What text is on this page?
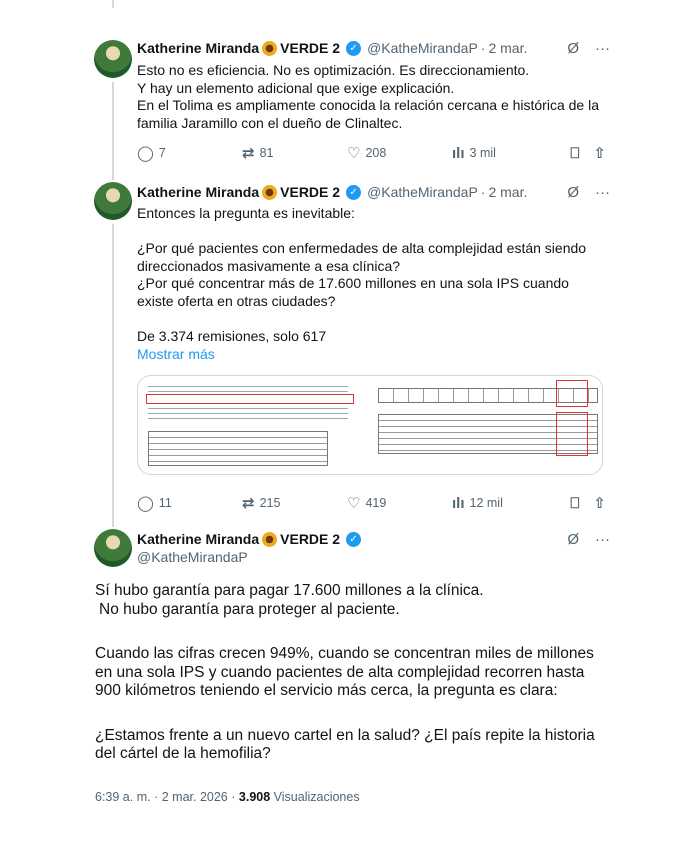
Katherine Miranda VERDE 2 ✓ @KatheMirandaP · 2 mar.	Ø ···
Esto no es eficiencia. No es optimización. Es direccionamiento.
Y hay un elemento adicional que exige explicación.
En el Tolima es ampliamente conocida la relación cercana e histórica de la familia Jaramillo con el dueño de Clinaltec.
◯ 7	⇄ 81	♡ 208	ılı 3 mil	⎕ ⇧
Katherine Miranda VERDE 2 ✓ @KatheMirandaP · 2 mar.	Ø ···
Entonces la pregunta es inevitable:
¿Por qué pacientes con enfermedades de alta complejidad están siendo direccionados masivamente a esa clínica?
¿Por qué concentrar más de 17.600 millones en una sola IPS cuando existe oferta en otras ciudades?
De 3.374 remisiones, solo 617
Mostrar más
◯ 11	⇄ 215	♡ 419	ılı 12 mil	⎕ ⇧
Katherine Miranda VERDE 2 ✓
@KatheMirandaP
Ø ···
Sí hubo garantía para pagar 17.600 millones a la clínica.
No hubo garantía para proteger al paciente.
Cuando las cifras crecen 949%, cuando se concentran miles de millones en una sola IPS y cuando pacientes de alta complejidad recorren hasta 900 kilómetros teniendo el servicio más cerca, la pregunta es clara:
¿Estamos frente a un nuevo cartel en la salud? ¿El país repite la historia del cártel de la hemofilia?
6:39 a. m. · 2 mar. 2026 · 3.908 Visualizaciones
